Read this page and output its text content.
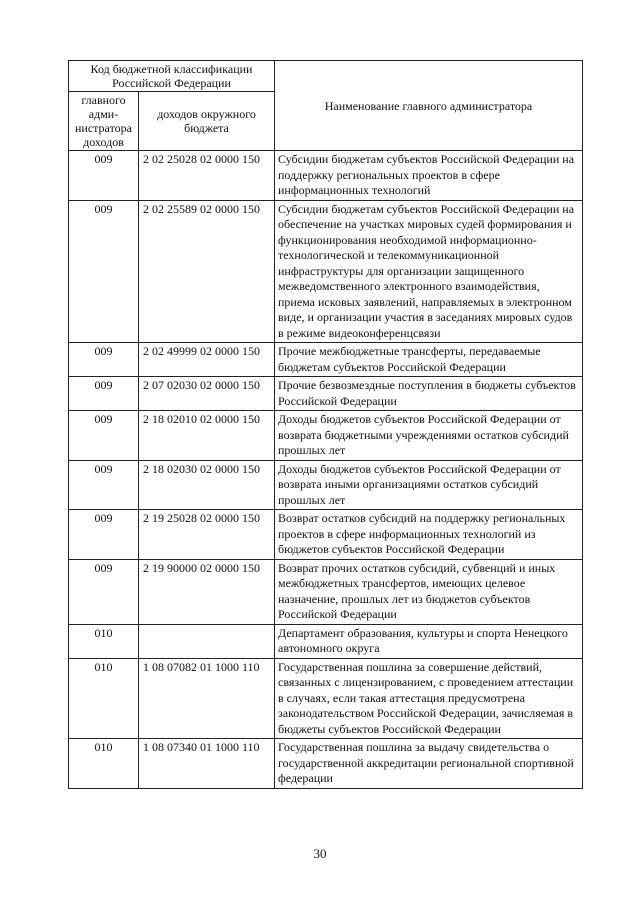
Код бюджетной классификации Российской Федерации		Наименование главного администратора
главного адми-нистратора доходов	доходов окружного бюджета	
009	2 02 25028 02 0000 150	Субсидии бюджетам субъектов Российской Федерации на поддержку региональных проектов в сфере информационных технологий
009	2 02 25589 02 0000 150	Субсидии бюджетам субъектов Российской Федерации на обеспечение на участках мировых судей формирования и функционирования необходимой информационно-технологической и телекоммуникационной инфраструктуры для организации защищенного межведомственного электронного взаимодействия, приема исковых заявлений, направляемых в электронном виде, и организации участия в заседаниях мировых судов в режиме видеоконференцсвязи
009	2 02 49999 02 0000 150	Прочие межбюджетные трансферты, передаваемые бюджетам субъектов Российской Федерации
009	2 07 02030 02 0000 150	Прочие безвозмездные поступления в бюджеты субъектов Российской Федерации
009	2 18 02010 02 0000 150	Доходы бюджетов субъектов Российской Федерации от возврата бюджетными учреждениями остатков субсидий прошлых лет
009	2 18 02030 02 0000 150	Доходы бюджетов субъектов Российской Федерации от возврата иными организациями остатков субсидий прошлых лет
009	2 19 25028 02 0000 150	Возврат остатков субсидий на поддержку региональных проектов в сфере информационных технологий из бюджетов субъектов Российской Федерации
009	2 19 90000 02 0000 150	Возврат прочих остатков субсидий, субвенций и иных межбюджетных трансфертов, имеющих целевое назначение, прошлых лет из бюджетов субъектов Российской Федерации
010		Департамент образования, культуры и спорта Ненецкого автономного округа
010	1 08 07082 01 1000 110	Государственная пошлина за совершение действий, связанных с лицензированием, с проведением аттестации в случаях, если такая аттестация предусмотрена законодательством Российской Федерации, зачисляемая в бюджеты субъектов Российской Федерации
010	1 08 07340 01 1000 110	Государственная пошлина за выдачу свидетельства о государственной аккредитации региональной спортивной федерации
30
